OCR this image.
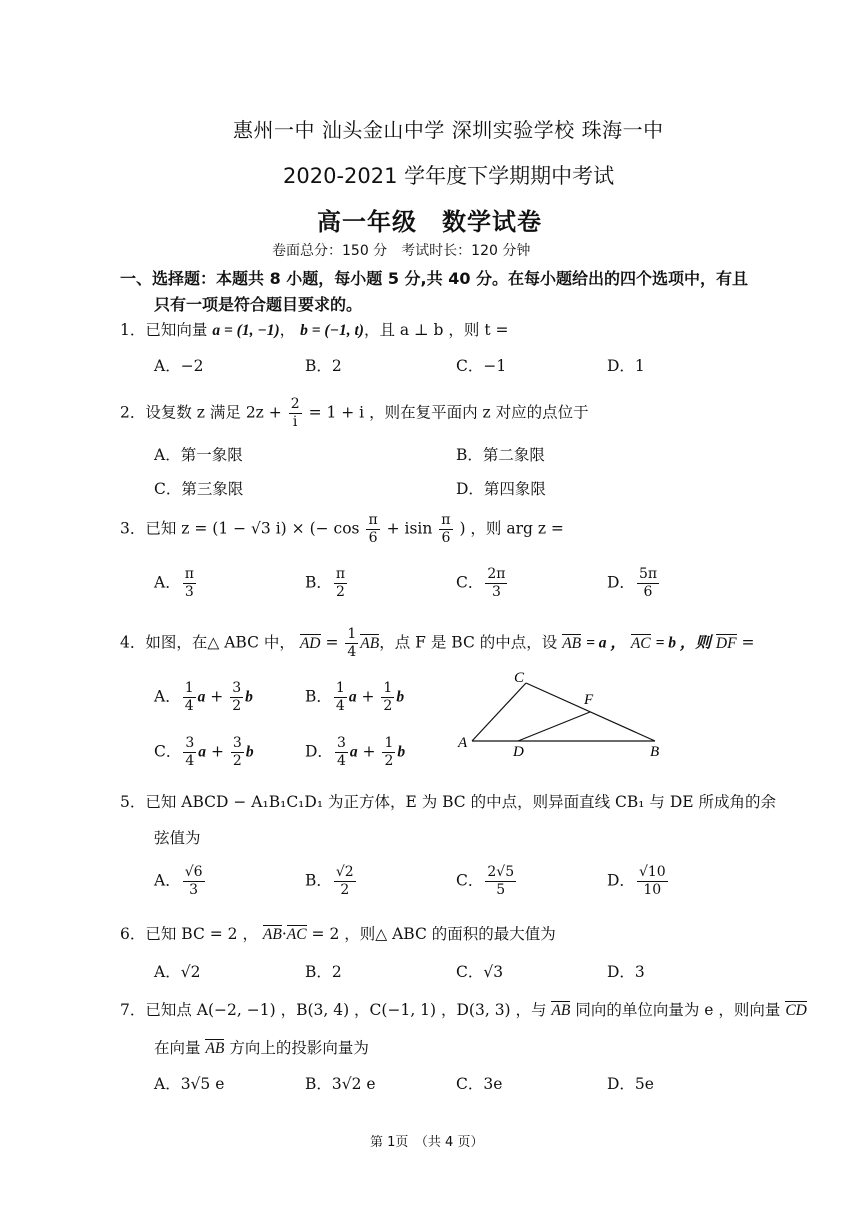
惠州一中 汕头金山中学 深圳实验学校 珠海一中
2020-2021 学年度下学期期中考试
高一年级　数学试卷
卷面总分：150 分　考试时长：120 分钟
一、选择题：本题共 8 小题，每小题 5 分,共 40 分。在每小题给出的四个选项中，有且
只有一项是符合题目要求的。
1．已知向量 a = (1, −1)， b = (−1, t)，且 a ⊥ b ，则 t =
A．−2	B．2	C．−1	D．1
2．设复数 z 满足 $2z + \frac{2}{i} = 1 + i$ ，则在复平面内 z 对应的点位于
A．第一象限	B．第二象限
C．第三象限	D．第四象限
3．已知 z = (1 − √3 i) × (− $\cos \frac{\pi}{6} + isin \frac{\pi}{6}$ ) ，则 arg z =
A． $\frac{\pi}{3}$	B． $\frac{\pi}{2}$	C． $\frac{2\pi}{3}$	D． $\frac{5\pi}{6}$
4．如图，在△ ABC 中， AD = $\frac{1}{4}$ AB，点 F 是 BC 的中点，设 AB = a ， AC = b ，则 DF =
A． $\frac{1}{4}$ $a + \frac{3}{2}$ b	B． $\frac{1}{4}$ $a + \frac{1}{2}$ b
C． $\frac{3}{4}$ $a + \frac{3}{2}$ b	D． $\frac{3}{4}$ $a + \frac{1}{2}$ b
C
F
A
D	B
5．已知 ABCD − A₁B₁C₁D₁ 为正方体，E 为 BC 的中点，则异面直线 CB₁ 与 DE 所成角的余
弦值为
A． $\frac{√6}{3}$	B． $\frac{√2}{2}$	C． $\frac{2√5}{5}$	D． $\frac{√10}{10}$
6．已知 BC = 2 ， AB·AC = 2 ，则△ ABC 的面积的最大值为
A．√2	B．2	C．√3	D．3
7．已知点 A(−2, −1) ，B(3, 4) ，C(−1, 1) ，D(3, 3) ，与 AB 同向的单位向量为 e ，则向量 CD
在向量 AB 方向上的投影向量为
A．3√5 e	B．3√2 e	C．3e	D．5e
第 1页　（共 4 页）
